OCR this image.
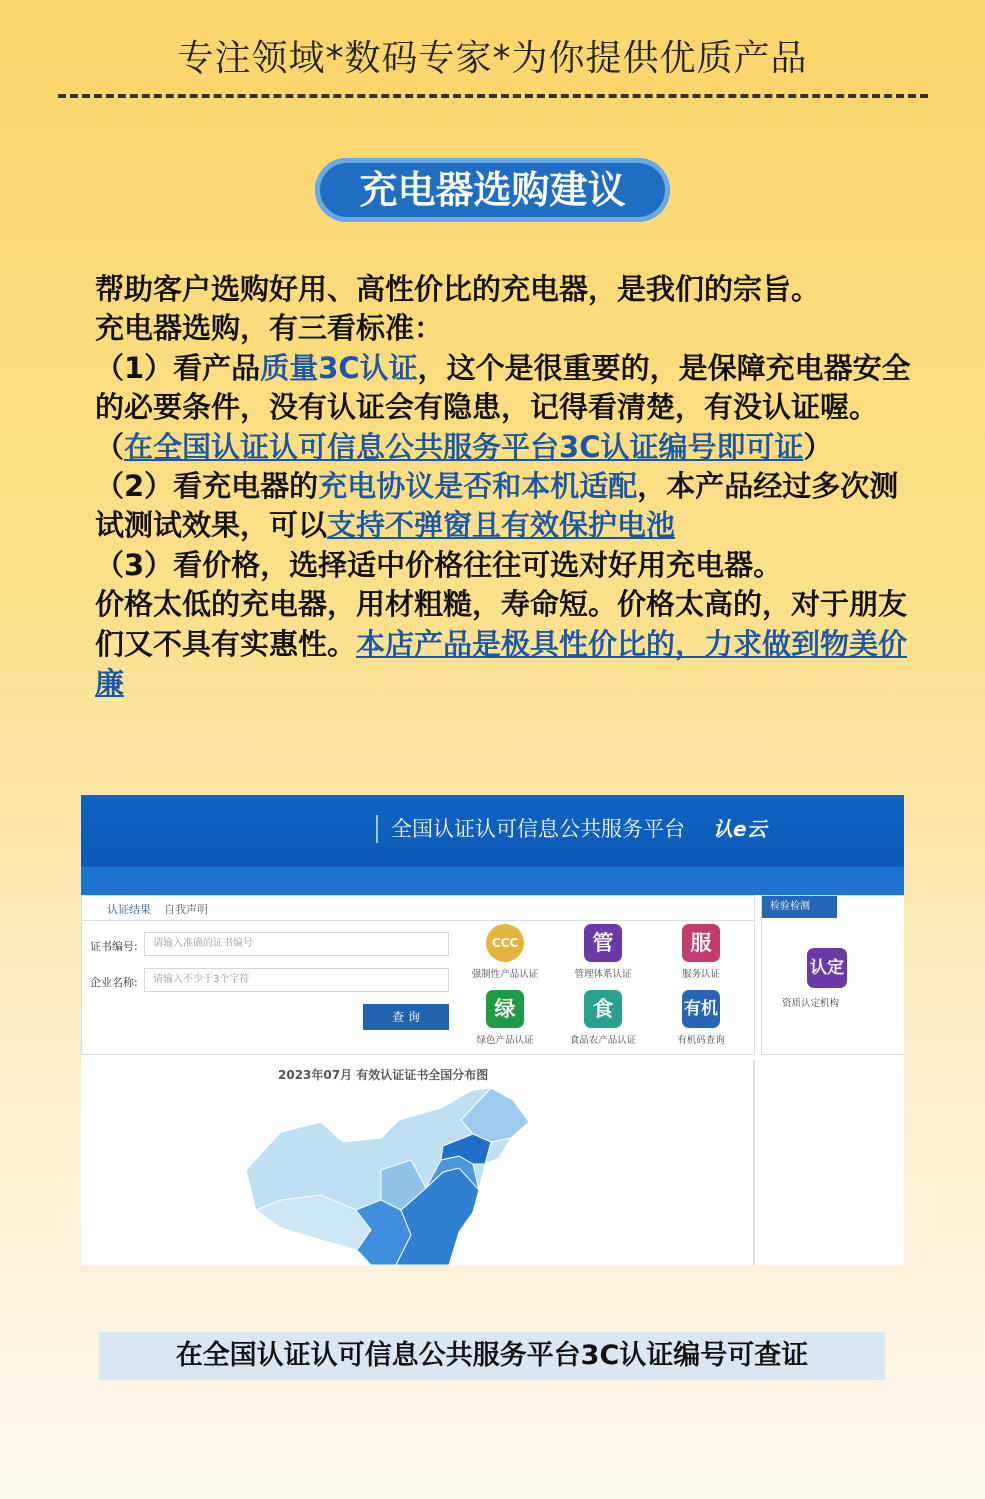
专注领域*数码专家*为你提供优质产品
充电器选购建议
帮助客户选购好用、高性价比的充电器，是我们的宗旨。
充电器选购，有三看标准：
（1）看产品质量3C认证，这个是很重要的，是保障充电器安全的必要条件，没有认证会有隐患，记得看清楚，有没认证喔。（在全国认证认可信息公共服务平台3C认证编号即可证）
（2）看充电器的充电协议是否和本机适配，本产品经过多次测试测试效果，可以支持不弹窗且有效保护电池
（3）看价格，选择适中价格往往可选对好用充电器。
价格太低的充电器，用材粗糙，寿命短。价格太高的，对于朋友们又不具有实惠性。本店产品是极具性价比的，力求做到物美价廉
全国认证认可信息公共服务平台 认e云
认证结果 自我声明
证书编号:	请输入准确的证书编号
企业名称:	请输入不少于3个字符
查 询
CCC
强制性产品认证
管
管理体系认证
服
服务认证
绿
绿色产品认证
食
食品农产品认证
有机
有机码查询
检验检测
认定
资质认定机构
2023年07月 有效认证证书全国分布图
在全国认证认可信息公共服务平台3C认证编号可查证
